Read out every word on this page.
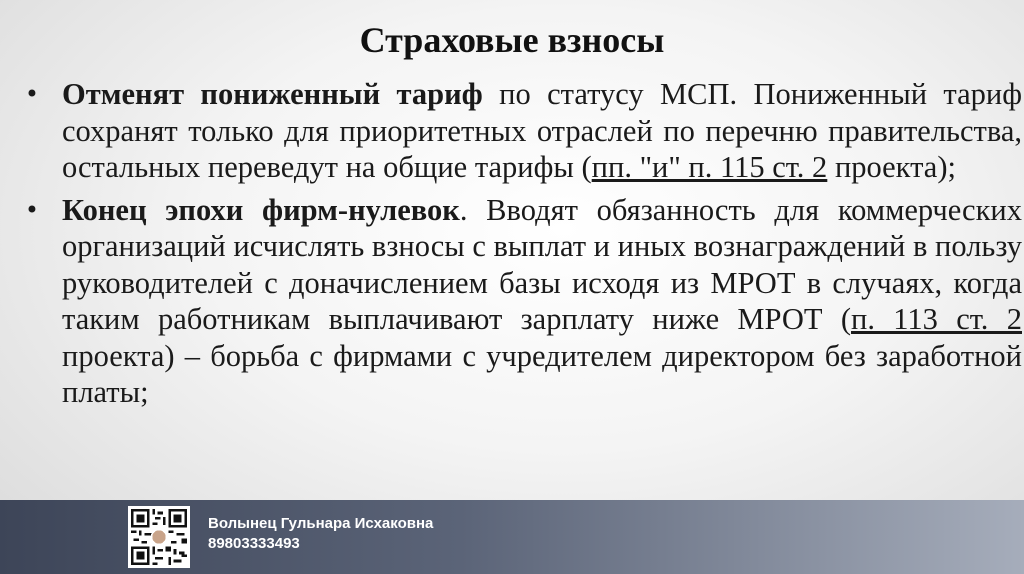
Страховые взносы
• Отменят пониженный тариф по статусу МСП. Пониженный тариф сохранят только для приоритетных отраслей по перечню правительства, остальных переведут на общие тарифы (пп. "и" п. 115 ст. 2 проекта);
• Конец эпохи фирм-нулевок. Вводят обязанность для коммерческих организаций исчислять взносы с выплат и иных вознаграждений в пользу руководителей с доначислением базы исходя из МРОТ в случаях, когда таким работникам выплачивают зарплату ниже МРОТ (п. 113 ст. 2 проекта) – борьба с фирмами с учредителем директором без заработной платы;
Волынец Гульнара Исхаковна
89803333493
